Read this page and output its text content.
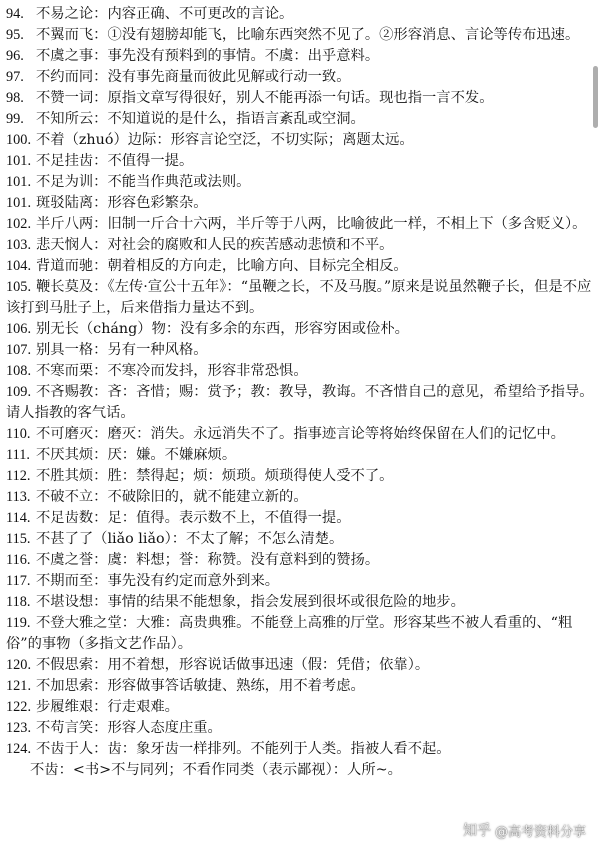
94. 不易之论：内容正确、不可更改的言论。

95. 不翼而飞：①没有翅膀却能飞，比喻东西突然不见了。②形容消息、言论等传布迅速。

96. 不虞之事：事先没有预料到的事情。不虞：出乎意料。

97. 不约而同：没有事先商量而彼此见解或行动一致。

98. 不赞一词：原指文章写得很好，别人不能再添一句话。现也指一言不发。

99. 不知所云：不知道说的是什么，指语言紊乱或空洞。

100. 不着（zhuó）边际：形容言论空泛，不切实际；离题太远。

101. 不足挂齿：不值得一提。

101. 不足为训：不能当作典范或法则。

101. 斑驳陆离：形容色彩繁杂。

102. 半斤八两：旧制一斤合十六两，半斤等于八两，比喻彼此一样，不相上下（多含贬义）。

103. 悲天悯人：对社会的腐败和人民的疾苦感动悲愤和不平。

104. 背道而驰：朝着相反的方向走，比喻方向、目标完全相反。

105. 鞭长莫及：《左传·宣公十五年》：“虽鞭之长，不及马腹。”原来是说虽然鞭子长，但是不应该打到马肚子上，后来借指力量达不到。

106. 别无长（cháng）物：没有多余的东西，形容穷困或俭朴。

107. 别具一格：另有一种风格。

108. 不寒而栗：不寒冷而发抖，形容非常恐惧。

109. 不吝赐教：吝：吝惜；赐：赏予；教：教导，教诲。不吝惜自己的意见，希望给予指导。请人指教的客气话。

110. 不可磨灭：磨灭：消失。永远消失不了。指事迹言论等将始终保留在人们的记忆中。

111. 不厌其烦：厌：嫌。不嫌麻烦。

112. 不胜其烦：胜：禁得起；烦：烦琐。烦琐得使人受不了。

113. 不破不立：不破除旧的，就不能建立新的。

114. 不足齿数：足：值得。表示数不上，不值得一提。

115. 不甚了了（liǎo liǎo）：不太了解；不怎么清楚。

116. 不虞之誉：虞：料想；誉：称赞。没有意料到的赞扬。

117. 不期而至：事先没有约定而意外到来。

118. 不堪设想：事情的结果不能想象，指会发展到很坏或很危险的地步。

119. 不登大雅之堂：大雅：高贵典雅。不能登上高雅的厅堂。形容某些不被人看重的、“粗俗”的事物（多指文艺作品）。

120. 不假思索：用不着想，形容说话做事迅速（假：凭借；依靠）。

121. 不加思索：形容做事答话敏捷、熟练，用不着考虑。

122. 步履维艰：行走艰难。

123. 不苟言笑：形容人态度庄重。

124. 不齿于人：齿：象牙齿一样排列。不能列于人类。指被人看不起。

不齿：<书>不与同列；不看作同类（表示鄙视）：人所~。

知乎 @高考资料分享
